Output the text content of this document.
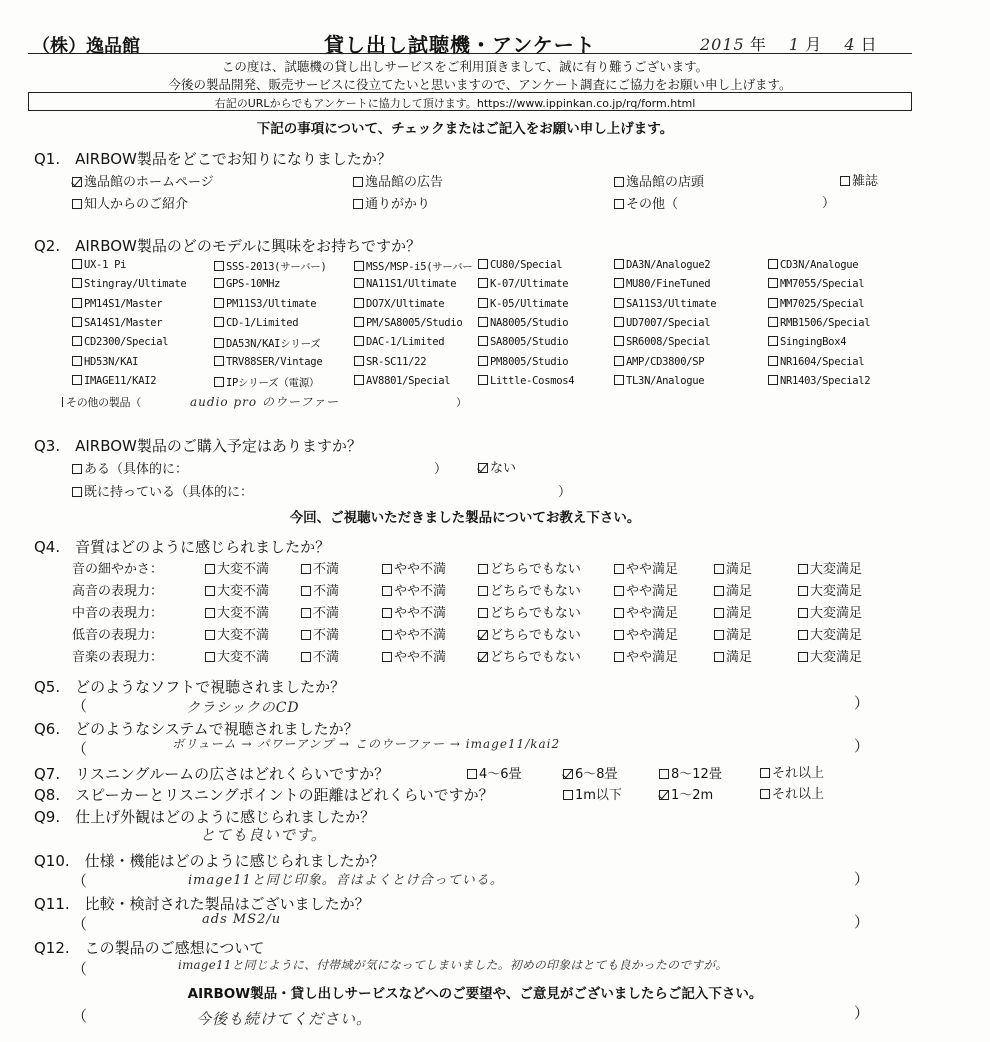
（株）逸品館	貸し出し試聴機・アンケート	2015 年 1 月 4 日
この度は、試聴機の貸し出しサービスをご利用頂きまして、誠に有り難うございます。
今後の製品開発、販売サービスに役立てたいと思いますので、アンケート調査にご協力をお願い申し上げます。
右記のURLからでもアンケートに協力して頂けます。https://www.ippinkan.co.jp/rq/form.html
下記の事項について、チェックまたはご記入をお願い申し上げます。
Q1.　AIRBOW製品をどこでお知りになりましたか？
逸品館のホームページ	逸品館の広告	逸品館の店頭	雑誌
知人からのご紹介	通りがかり	その他（	）
Q2.　AIRBOW製品のどのモデルに興味をお持ちですか？
UX-1 Pi	SSS-2013(サーバー)	MSS/MSP-i5(サーバー	CU80/Special	DA3N/Analogue2	CD3N/Analogue
Stingray/Ultimate	GPS-10MHz	NA11S1/Ultimate	K-07/Ultimate	MU80/FineTuned	MM7055/Special
PM14S1/Master	PM11S3/Ultimate	DO7X/Ultimate	K-05/Ultimate	SA11S3/Ultimate	MM7025/Special
SA14S1/Master	CD-1/Limited	PM/SA8005/Studio	NA8005/Studio	UD7007/Special	RMB1506/Special
CD2300/Special	DA53N/KAIシリーズ	DAC-1/Limited	SA8005/Studio	SR6008/Special	SingingBox4
HD53N/KAI	TRV88SER/Vintage	SR-SC11/22	PM8005/Studio	AMP/CD3800/SP	NR1604/Special
IMAGE11/KAI2	IPシリーズ（電源）	AV8801/Special	Little-Cosmos4	TL3N/Analogue	NR1403/Special2
その他の製品（	audio pro のウーファー	）
Q3.　AIRBOW製品のご購入予定はありますか？
ある（具体的に：	）	ない
既に持っている（具体的に：	）
今回、ご視聴いただきました製品についてお教え下さい。
Q4.　音質はどのように感じられましたか？
音の細やかさ：	大変不満	不満	やや不満	どちらでもない	やや満足	満足	大変満足
高音の表現力：	大変不満	不満	やや不満	どちらでもない	やや満足	満足	大変満足
中音の表現力：	大変不満	不満	やや不満	どちらでもない	やや満足	満足	大変満足
低音の表現力：	大変不満	不満	やや不満	どちらでもない	やや満足	満足	大変満足
音楽の表現力：	大変不満	不満	やや不満	どちらでもない	やや満足	満足	大変満足
Q5.　どのようなソフトで視聴されましたか？
（	クラシックのCD	）
Q6.　どのようなシステムで視聴されましたか？
（	ボリューム → パワーアンプ → このウーファー → image11/kai2	）
Q7.　リスニングルームの広さはどれくらいですか？	4～6畳	6～8畳	8～12畳	それ以上
Q8.　スピーカーとリスニングポイントの距離はどれくらいですか？	1m以下	1～2m	それ以上
Q9.　仕上げ外観はどのように感じられましたか？
とても良いです。
Q10.　仕様・機能はどのように感じられましたか？
（	image11と同じ印象。音はよくとけ合っている。	）
Q11.　比較・検討された製品はございましたか？
（	ads MS2/u	）
Q12.　この製品のご感想について
（	image11と同じように、付帯域が気になってしまいました。初めの印象はとても良かったのですが。
AIRBOW製品・貸し出しサービスなどへのご要望や、ご意見がございましたらご記入下さい。
（	今後も続けてください。	）
